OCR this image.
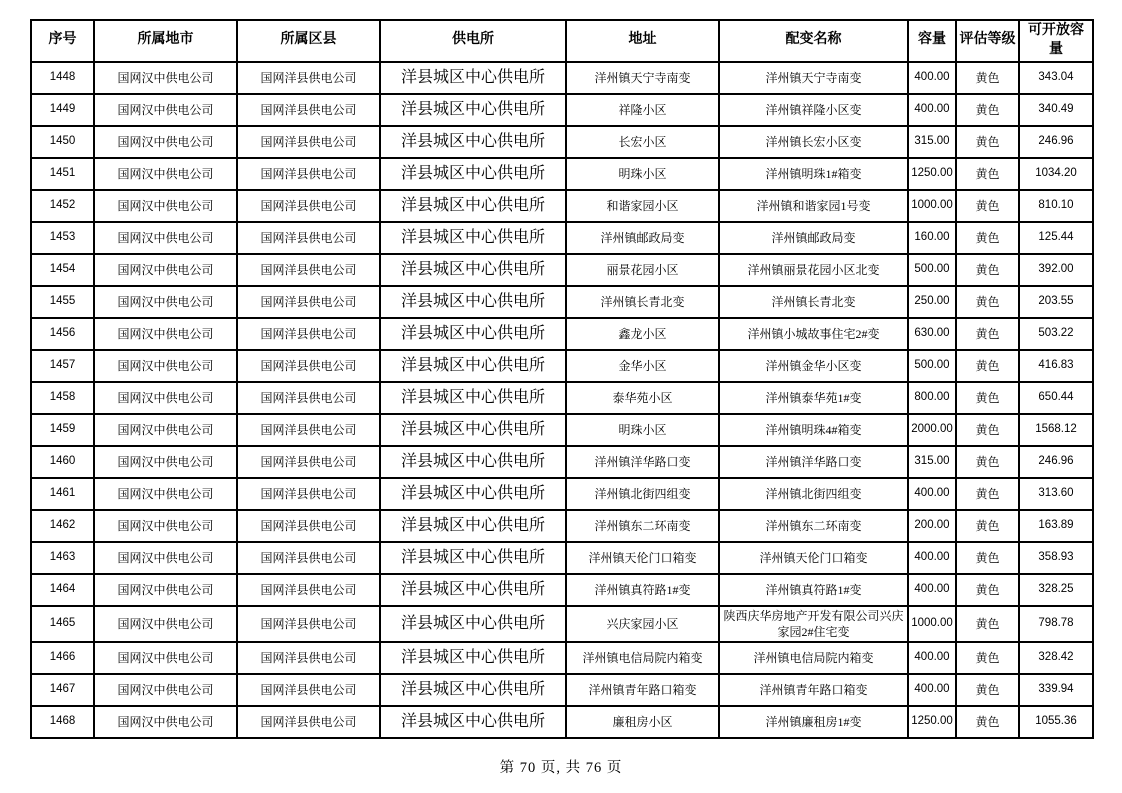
序号	所属地市	所属区县	供电所	地址	配变名称	容量	评估等级	可开放容量
1448	国网汉中供电公司	国网洋县供电公司	洋县城区中心供电所	洋州镇天宁寺南变	洋州镇天宁寺南变	400.00	黄色	343.04
1449	国网汉中供电公司	国网洋县供电公司	洋县城区中心供电所	祥隆小区	洋州镇祥隆小区变	400.00	黄色	340.49
1450	国网汉中供电公司	国网洋县供电公司	洋县城区中心供电所	长宏小区	洋州镇长宏小区变	315.00	黄色	246.96
1451	国网汉中供电公司	国网洋县供电公司	洋县城区中心供电所	明珠小区	洋州镇明珠1#箱变	1250.00	黄色	1034.20
1452	国网汉中供电公司	国网洋县供电公司	洋县城区中心供电所	和谐家园小区	洋州镇和谐家园1号变	1000.00	黄色	810.10
1453	国网汉中供电公司	国网洋县供电公司	洋县城区中心供电所	洋州镇邮政局变	洋州镇邮政局变	160.00	黄色	125.44
1454	国网汉中供电公司	国网洋县供电公司	洋县城区中心供电所	丽景花园小区	洋州镇丽景花园小区北变	500.00	黄色	392.00
1455	国网汉中供电公司	国网洋县供电公司	洋县城区中心供电所	洋州镇长青北变	洋州镇长青北变	250.00	黄色	203.55
1456	国网汉中供电公司	国网洋县供电公司	洋县城区中心供电所	鑫龙小区	洋州镇小城故事住宅2#变	630.00	黄色	503.22
1457	国网汉中供电公司	国网洋县供电公司	洋县城区中心供电所	金华小区	洋州镇金华小区变	500.00	黄色	416.83
1458	国网汉中供电公司	国网洋县供电公司	洋县城区中心供电所	泰华苑小区	洋州镇泰华苑1#变	800.00	黄色	650.44
1459	国网汉中供电公司	国网洋县供电公司	洋县城区中心供电所	明珠小区	洋州镇明珠4#箱变	2000.00	黄色	1568.12
1460	国网汉中供电公司	国网洋县供电公司	洋县城区中心供电所	洋州镇洋华路口变	洋州镇洋华路口变	315.00	黄色	246.96
1461	国网汉中供电公司	国网洋县供电公司	洋县城区中心供电所	洋州镇北街四组变	洋州镇北街四组变	400.00	黄色	313.60
1462	国网汉中供电公司	国网洋县供电公司	洋县城区中心供电所	洋州镇东二环南变	洋州镇东二环南变	200.00	黄色	163.89
1463	国网汉中供电公司	国网洋县供电公司	洋县城区中心供电所	洋州镇天伦门口箱变	洋州镇天伦门口箱变	400.00	黄色	358.93
1464	国网汉中供电公司	国网洋县供电公司	洋县城区中心供电所	洋州镇真符路1#变	洋州镇真符路1#变	400.00	黄色	328.25
1465	国网汉中供电公司	国网洋县供电公司	洋县城区中心供电所	兴庆家园小区	陕西庆华房地产开发有限公司兴庆家园2#住宅变	1000.00	黄色	798.78
1466	国网汉中供电公司	国网洋县供电公司	洋县城区中心供电所	洋州镇电信局院内箱变	洋州镇电信局院内箱变	400.00	黄色	328.42
1467	国网汉中供电公司	国网洋县供电公司	洋县城区中心供电所	洋州镇青年路口箱变	洋州镇青年路口箱变	400.00	黄色	339.94
1468	国网汉中供电公司	国网洋县供电公司	洋县城区中心供电所	廉租房小区	洋州镇廉租房1#变	1250.00	黄色	1055.36
第 70 页, 共 76 页
